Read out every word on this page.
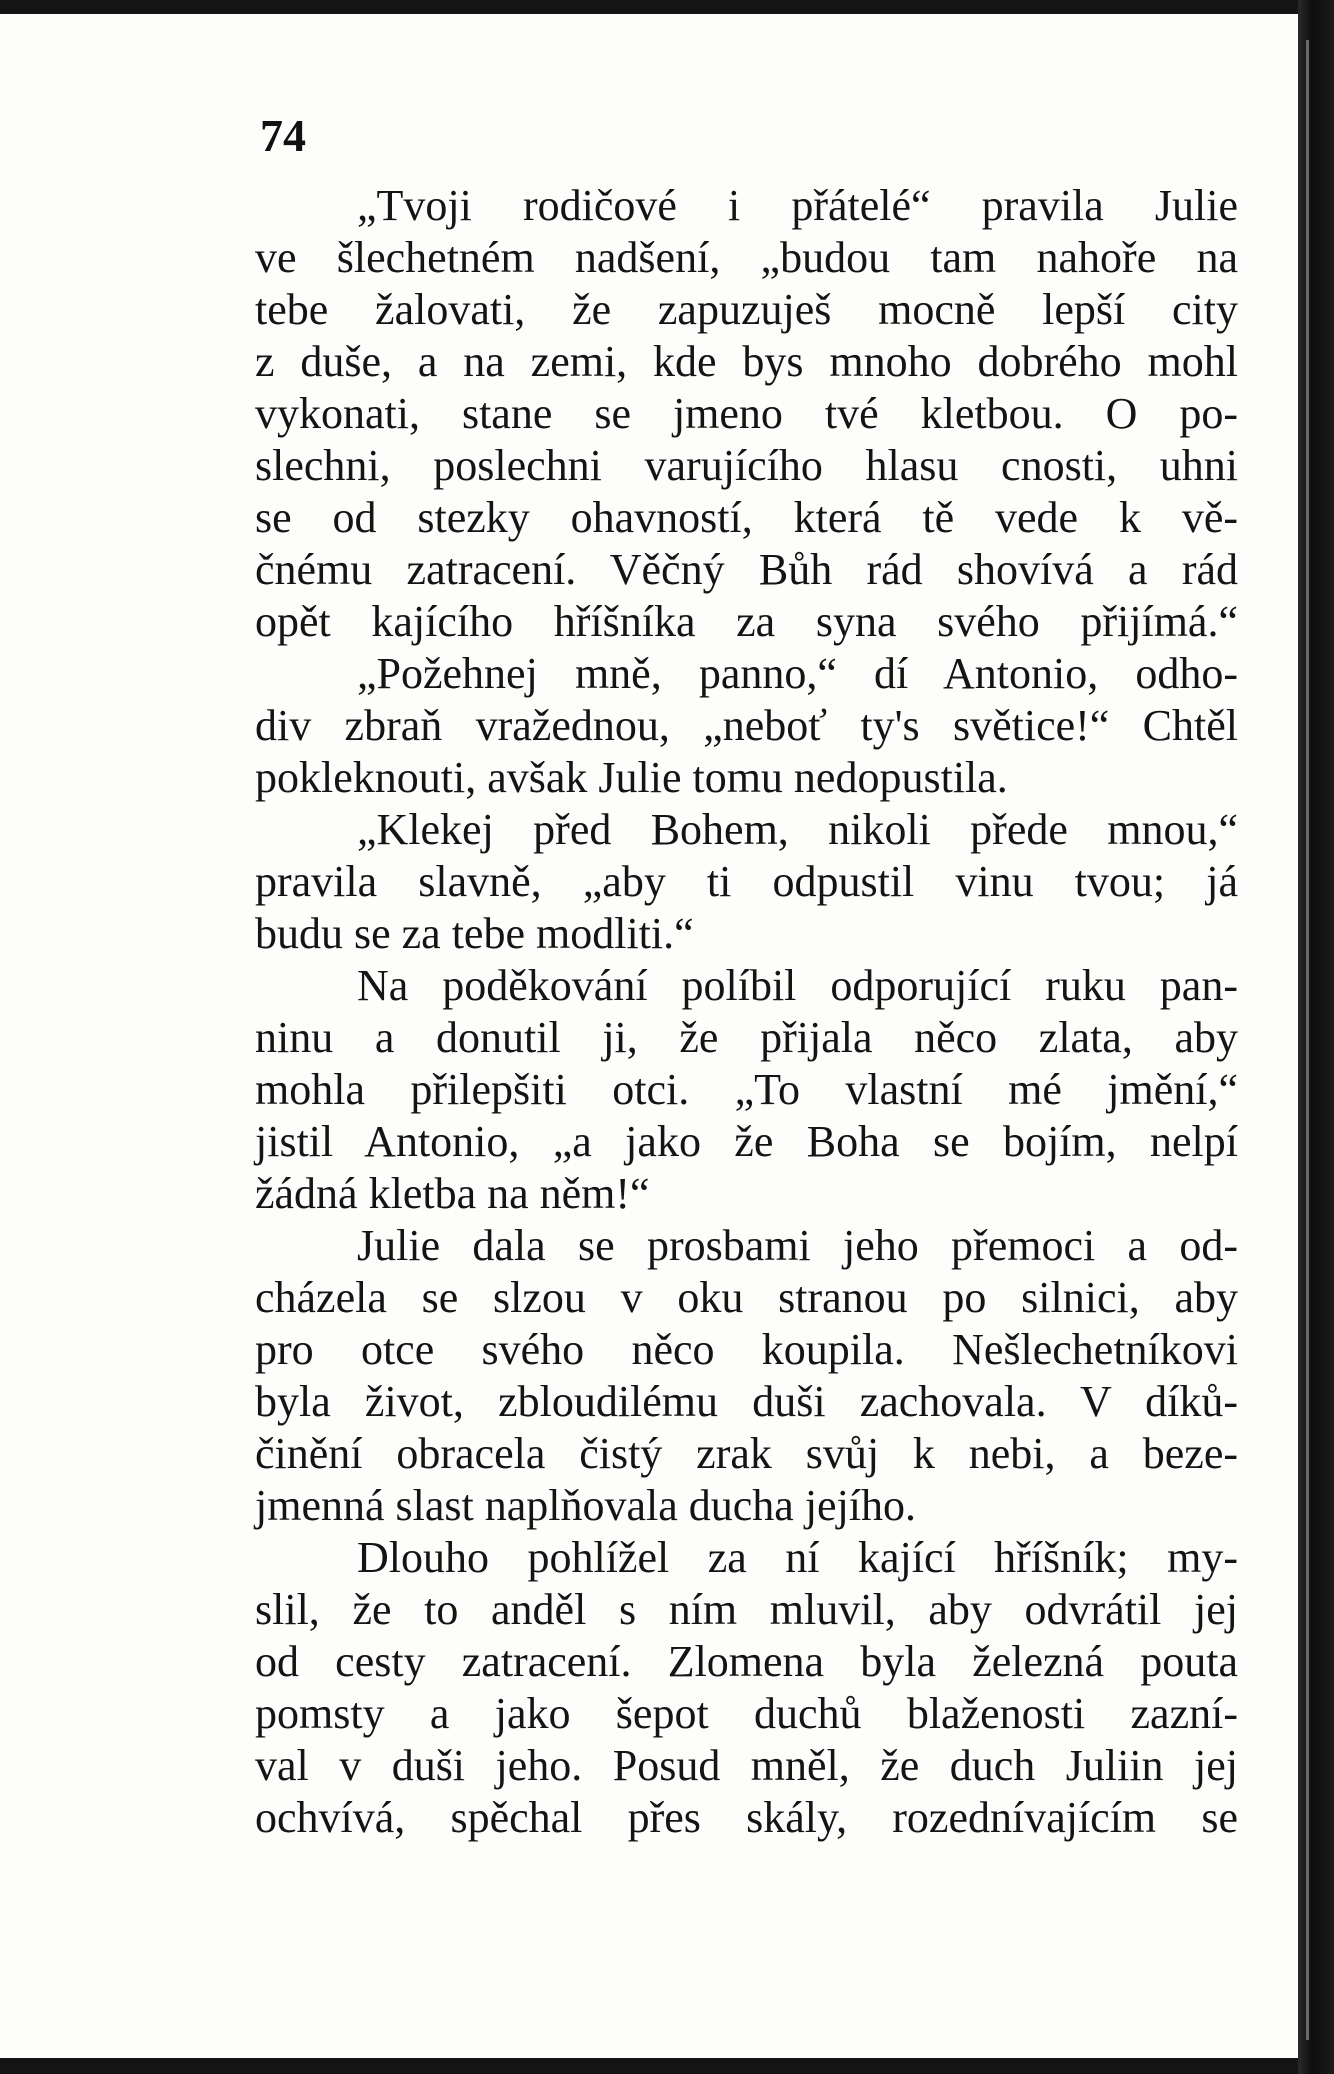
74

„Tvoji rodičové i přátelé“ pravila Julie
ve šlechetném nadšení, „budou tam nahoře na
tebe žalovati, že zapuzuješ mocně lepší city
z duše, a na zemi, kde bys mnoho dobrého mohl
vykonati, stane se jmeno tvé kletbou. O po-
slechni, poslechni varujícího hlasu cnosti, uhni
se od stezky ohavností, která tě vede k vě-
čnému zatracení. Věčný Bůh rád shovívá a rád
opět kajícího hříšníka za syna svého přijímá.“
„Požehnej mně, panno,“ dí Antonio, odho-
div zbraň vražednou, „neboť ty's světice!“ Chtěl
pokleknouti, avšak Julie tomu nedopustila.
„Klekej před Bohem, nikoli přede mnou,“
pravila slavně, „aby ti odpustil vinu tvou; já
budu se za tebe modliti.“
Na poděkování políbil odporující ruku pan-
ninu a donutil ji, že přijala něco zlata, aby
mohla přilepšiti otci. „To vlastní mé jmění,“
jistil Antonio, „a jako že Boha se bojím, nelpí
žádná kletba na něm!“
Julie dala se prosbami jeho přemoci a od-
cházela se slzou v oku stranou po silnici, aby
pro otce svého něco koupila. Nešlechetníkovi
byla život, zbloudilému duši zachovala. V díků-
činění obracela čistý zrak svůj k nebi, a beze-
jmenná slast naplňovala ducha jejího.
Dlouho pohlížel za ní kající hříšník; my-
slil, že to anděl s ním mluvil, aby odvrátil jej
od cesty zatracení. Zlomena byla železná pouta
pomsty a jako šepot duchů blaženosti zazní-
val v duši jeho. Posud mněl, že duch Juliin jej
ochvívá, spěchal přes skály, rozednívajícím se
